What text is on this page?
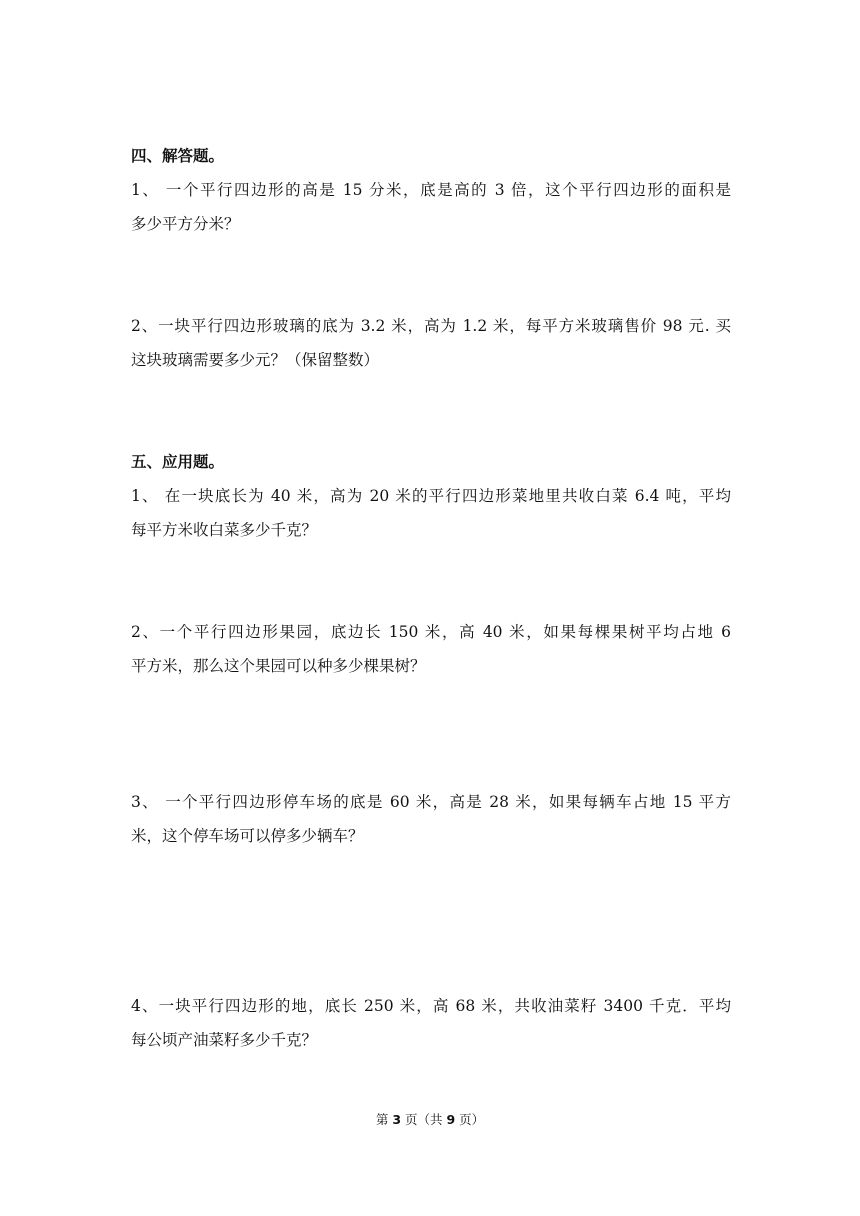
四、解答题。

1、 一个平行四边形的高是 15 分米，底是高的 3 倍，这个平行四边形的面积是

多少平方分米？

2、一块平行四边形玻璃的底为 3.2 米，高为 1.2 米，每平方米玻璃售价 98 元. 买

这块玻璃需要多少元？（保留整数）

五、应用题。

1、 在一块底长为 40 米，高为 20 米的平行四边形菜地里共收白菜 6.4 吨，平均

每平方米收白菜多少千克？

2、一个平行四边形果园，底边长 150 米，高 40 米，如果每棵果树平均占地 6

平方米，那么这个果园可以种多少棵果树？

3、 一个平行四边形停车场的底是 60 米，高是 28 米，如果每辆车占地 15 平方

米，这个停车场可以停多少辆车？

4、一块平行四边形的地，底长 250 米，高 68 米，共收油菜籽 3400 千克．平均

每公顷产油菜籽多少千克？

第 3 页（共 9 页）
